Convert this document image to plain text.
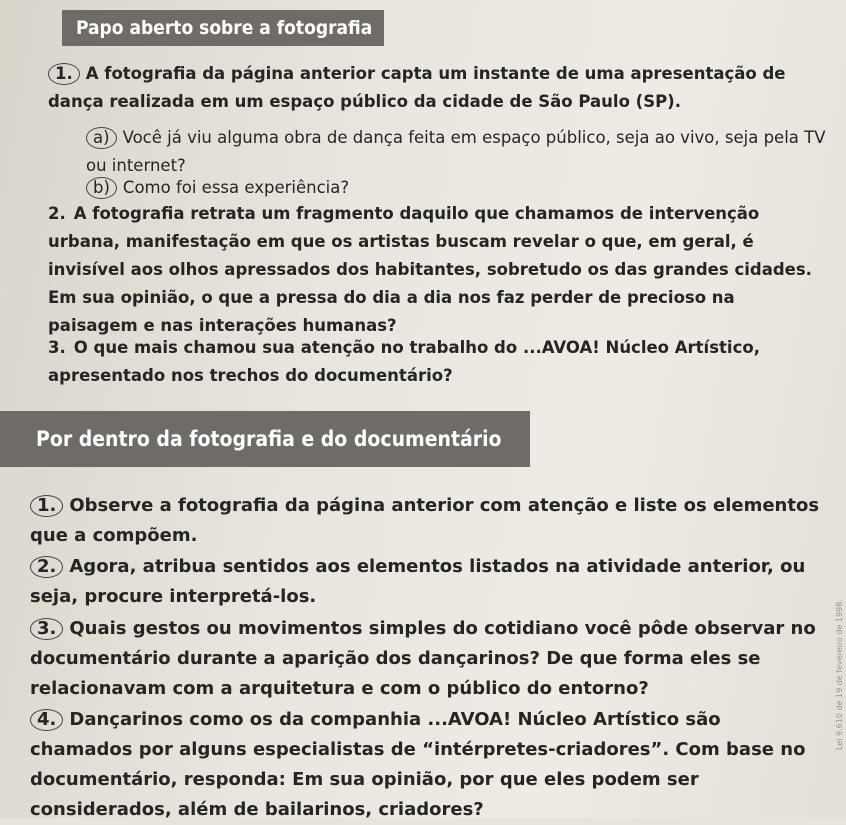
Papo aberto sobre a fotografia

1. A fotografia da página anterior capta um instante de uma apresentação de dança realizada em um espaço público da cidade de São Paulo (SP).

a) Você já viu alguma obra de dança feita em espaço público, seja ao vivo, seja pela TV ou internet?

b) Como foi essa experiência?

2. A fotografia retrata um fragmento daquilo que chamamos de intervenção urbana, manifestação em que os artistas buscam revelar o que, em geral, é invisível aos olhos apressados dos habitantes, sobretudo os das grandes cidades. Em sua opinião, o que a pressa do dia a dia nos faz perder de precioso na paisagem e nas interações humanas?

3. O que mais chamou sua atenção no trabalho do ...AVOA! Núcleo Artístico, apresentado nos trechos do documentário?

Por dentro da fotografia e do documentário

1. Observe a fotografia da página anterior com atenção e liste os elementos que a compõem.

2. Agora, atribua sentidos aos elementos listados na atividade anterior, ou seja, procure interpretá-los.

3. Quais gestos ou movimentos simples do cotidiano você pôde observar no documentário durante a aparição dos dançarinos? De que forma eles se relacionavam com a arquitetura e com o público do entorno?

4. Dançarinos como os da companhia ...AVOA! Núcleo Artístico são chamados por alguns especialistas de “intérpretes-criadores”. Com base no documentário, responda: Em sua opinião, por que eles podem ser considerados, além de bailarinos, criadores?

Lei 9.610 de 19 de fevereiro de 1998.
